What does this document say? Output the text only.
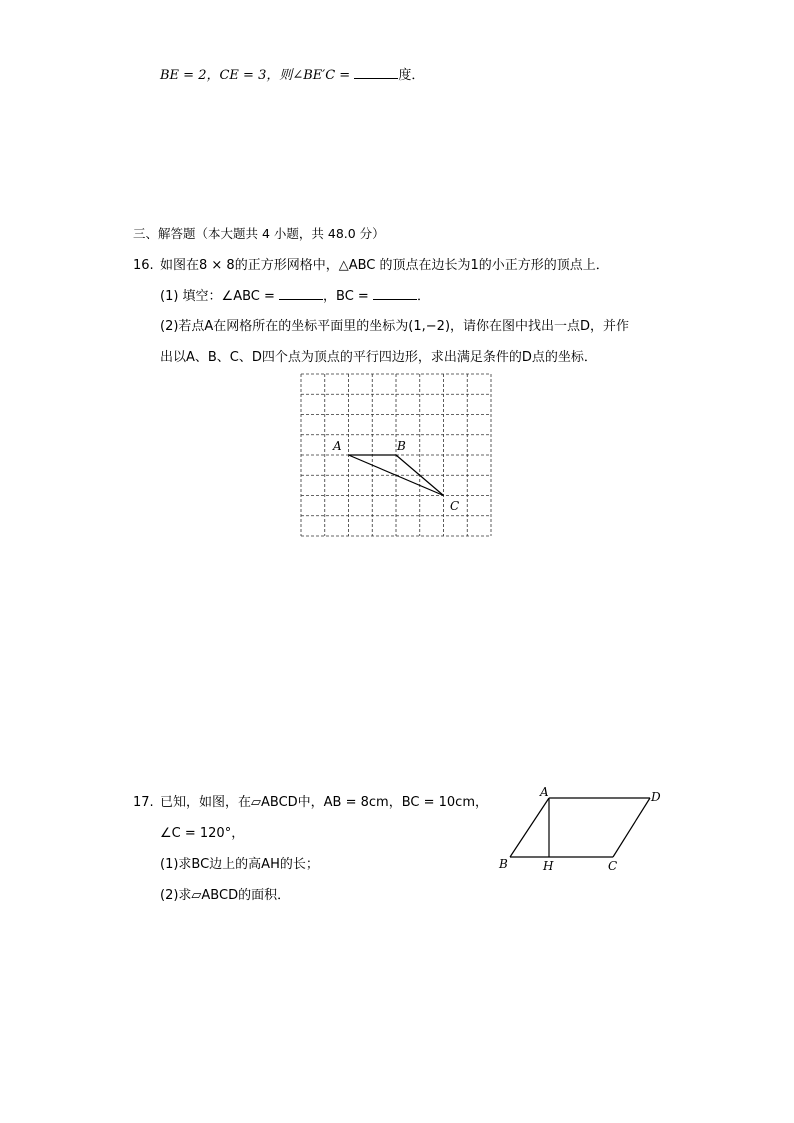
BE = 2，CE = 3，则∠BE′C =	度．
三、解答题（本大题共 4 小题，共 48.0 分）
16. 如图在8 × 8的正方形网格中，△ABC 的顶点在边长为1的小正方形的顶点上．
(1) 填空：∠ABC =	，BC =	．
(2)若点A在网格所在的坐标平面里的坐标为(1,−2)，请你在图中找出一点D，并作
出以A、B、C、D四个点为顶点的平行四边形，求出满足条件的D点的坐标．
A	B
C
17. 已知，如图，在▱ABCD中，AB = 8cm，BC = 10cm，
∠C = 120°，
(1)求BC边上的高AH的长；
(2)求▱ABCD的面积．
A	D
B	H	C
